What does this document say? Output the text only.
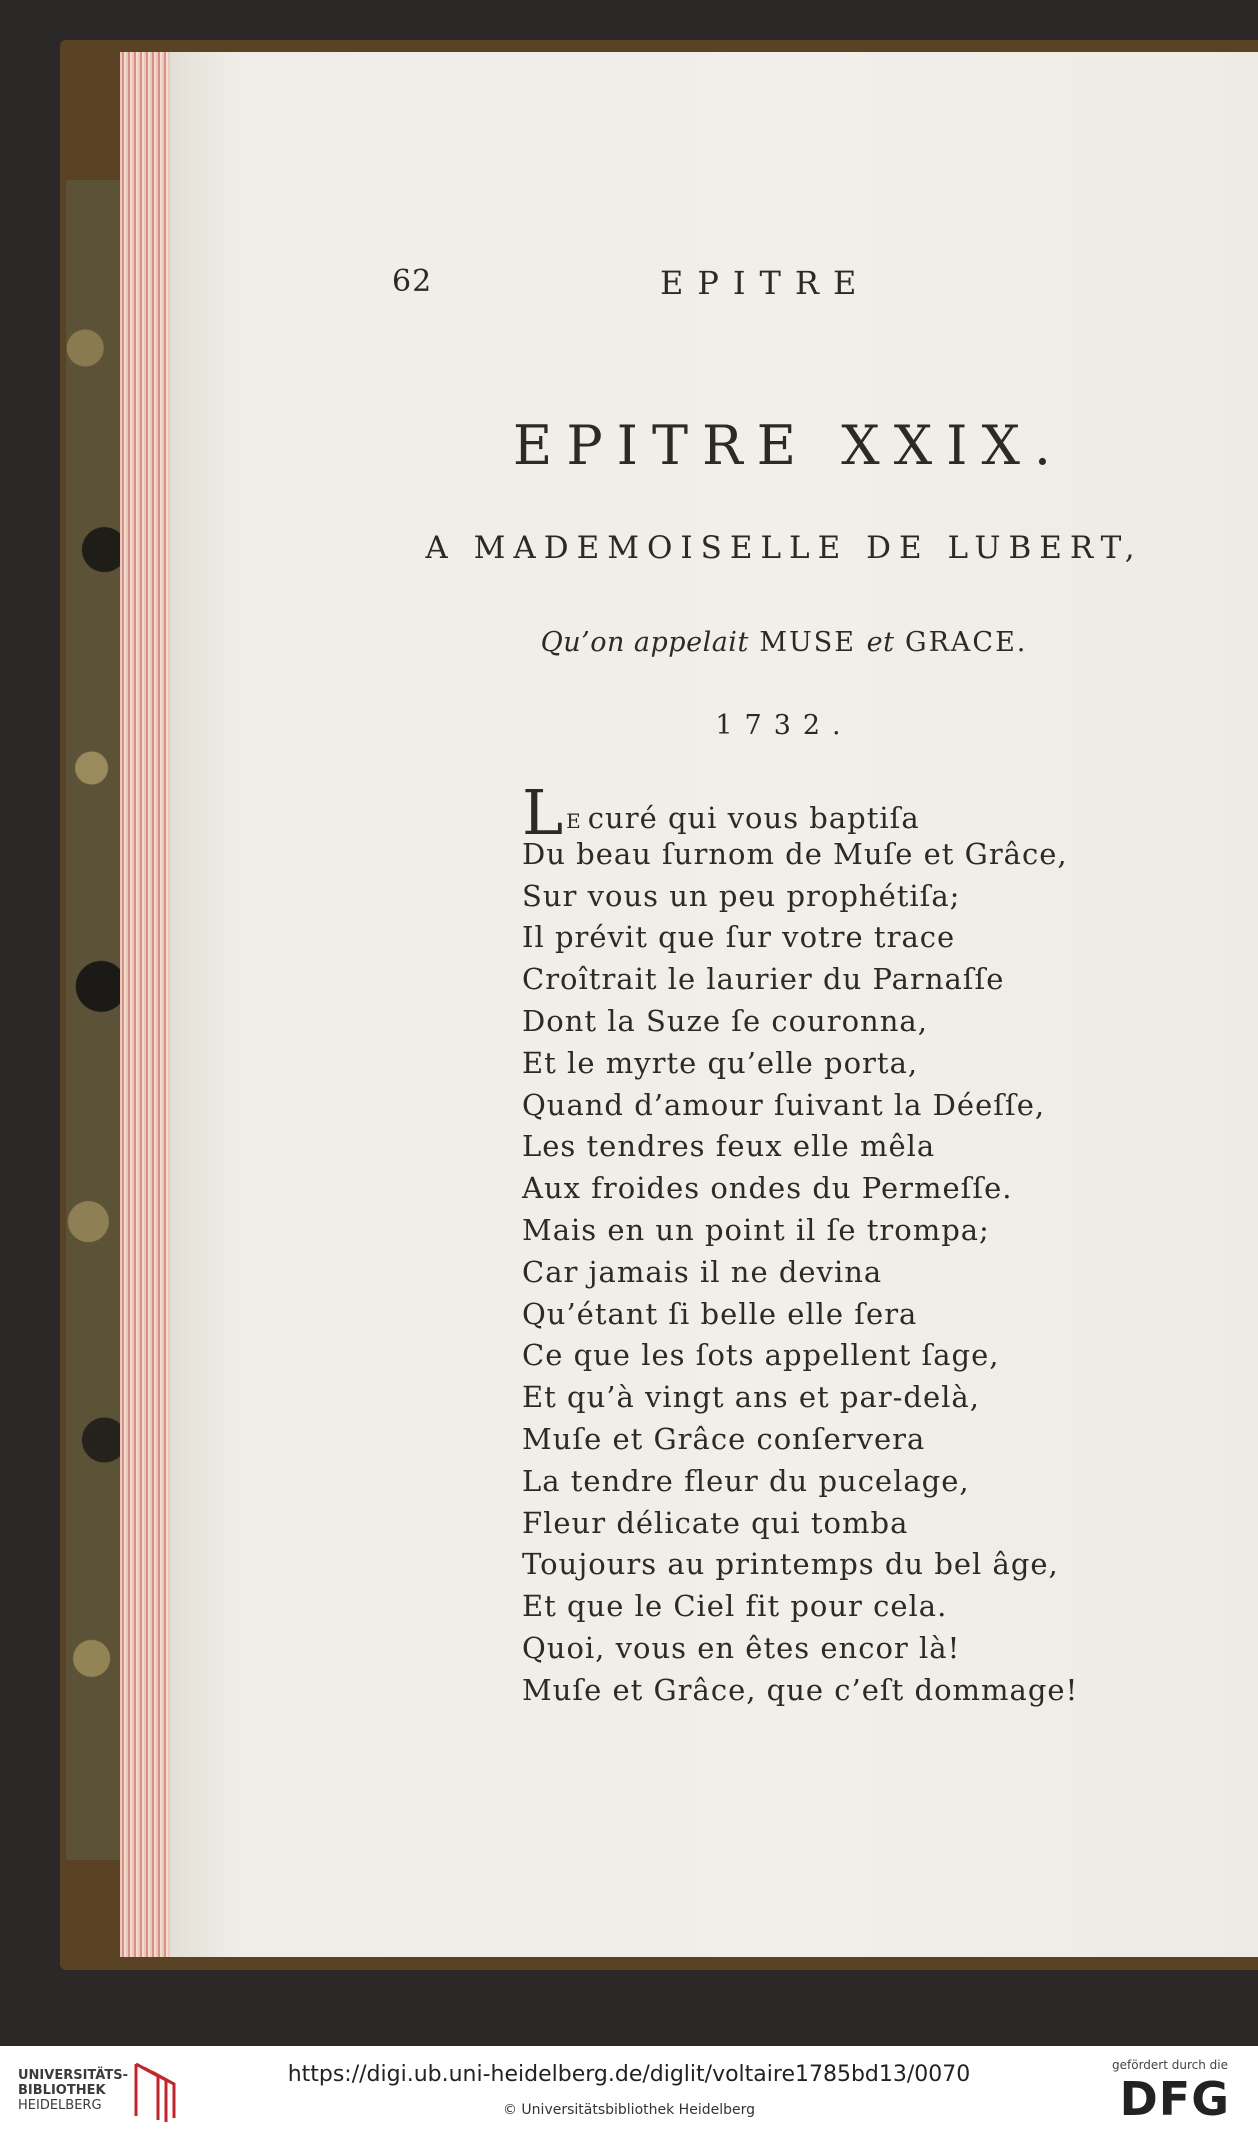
62	EPITRE
EPITRE XXIX.
A MADEMOISELLE DE LUBERT,
Qu’on appelait MUSE et GRACE.
1732.
L E curé qui vous baptiſa
Du beau ſurnom de Muſe et Grâce,
Sur vous un peu prophétiſa;
Il prévit que ſur votre trace
Croîtrait le laurier du Parnaſſe
Dont la Suze ſe couronna,
Et le myrte qu’elle porta,
Quand d’amour ſuivant la Déeſſe,
Les tendres feux elle mêla
Aux froides ondes du Permeſſe.
Mais en un point il ſe trompa;
Car jamais il ne devina
Qu’étant ſi belle elle ſera
Ce que les ſots appellent ſage,
Et qu’à vingt ans et par-delà,
Muſe et Grâce conſervera
La tendre fleur du pucelage,
Fleur délicate qui tomba
Toujours au printemps du bel âge,
Et que le Ciel fit pour cela.
Quoi, vous en êtes encor là!
Muſe et Grâce, que c’eſt dommage!
UNIVERSITÄTS-
BIBLIOTHEK
HEIDELBERG
https://digi.ub.uni-heidelberg.de/diglit/voltaire1785bd13/0070
© Universitätsbibliothek Heidelberg
gefördert durch die
DFG
